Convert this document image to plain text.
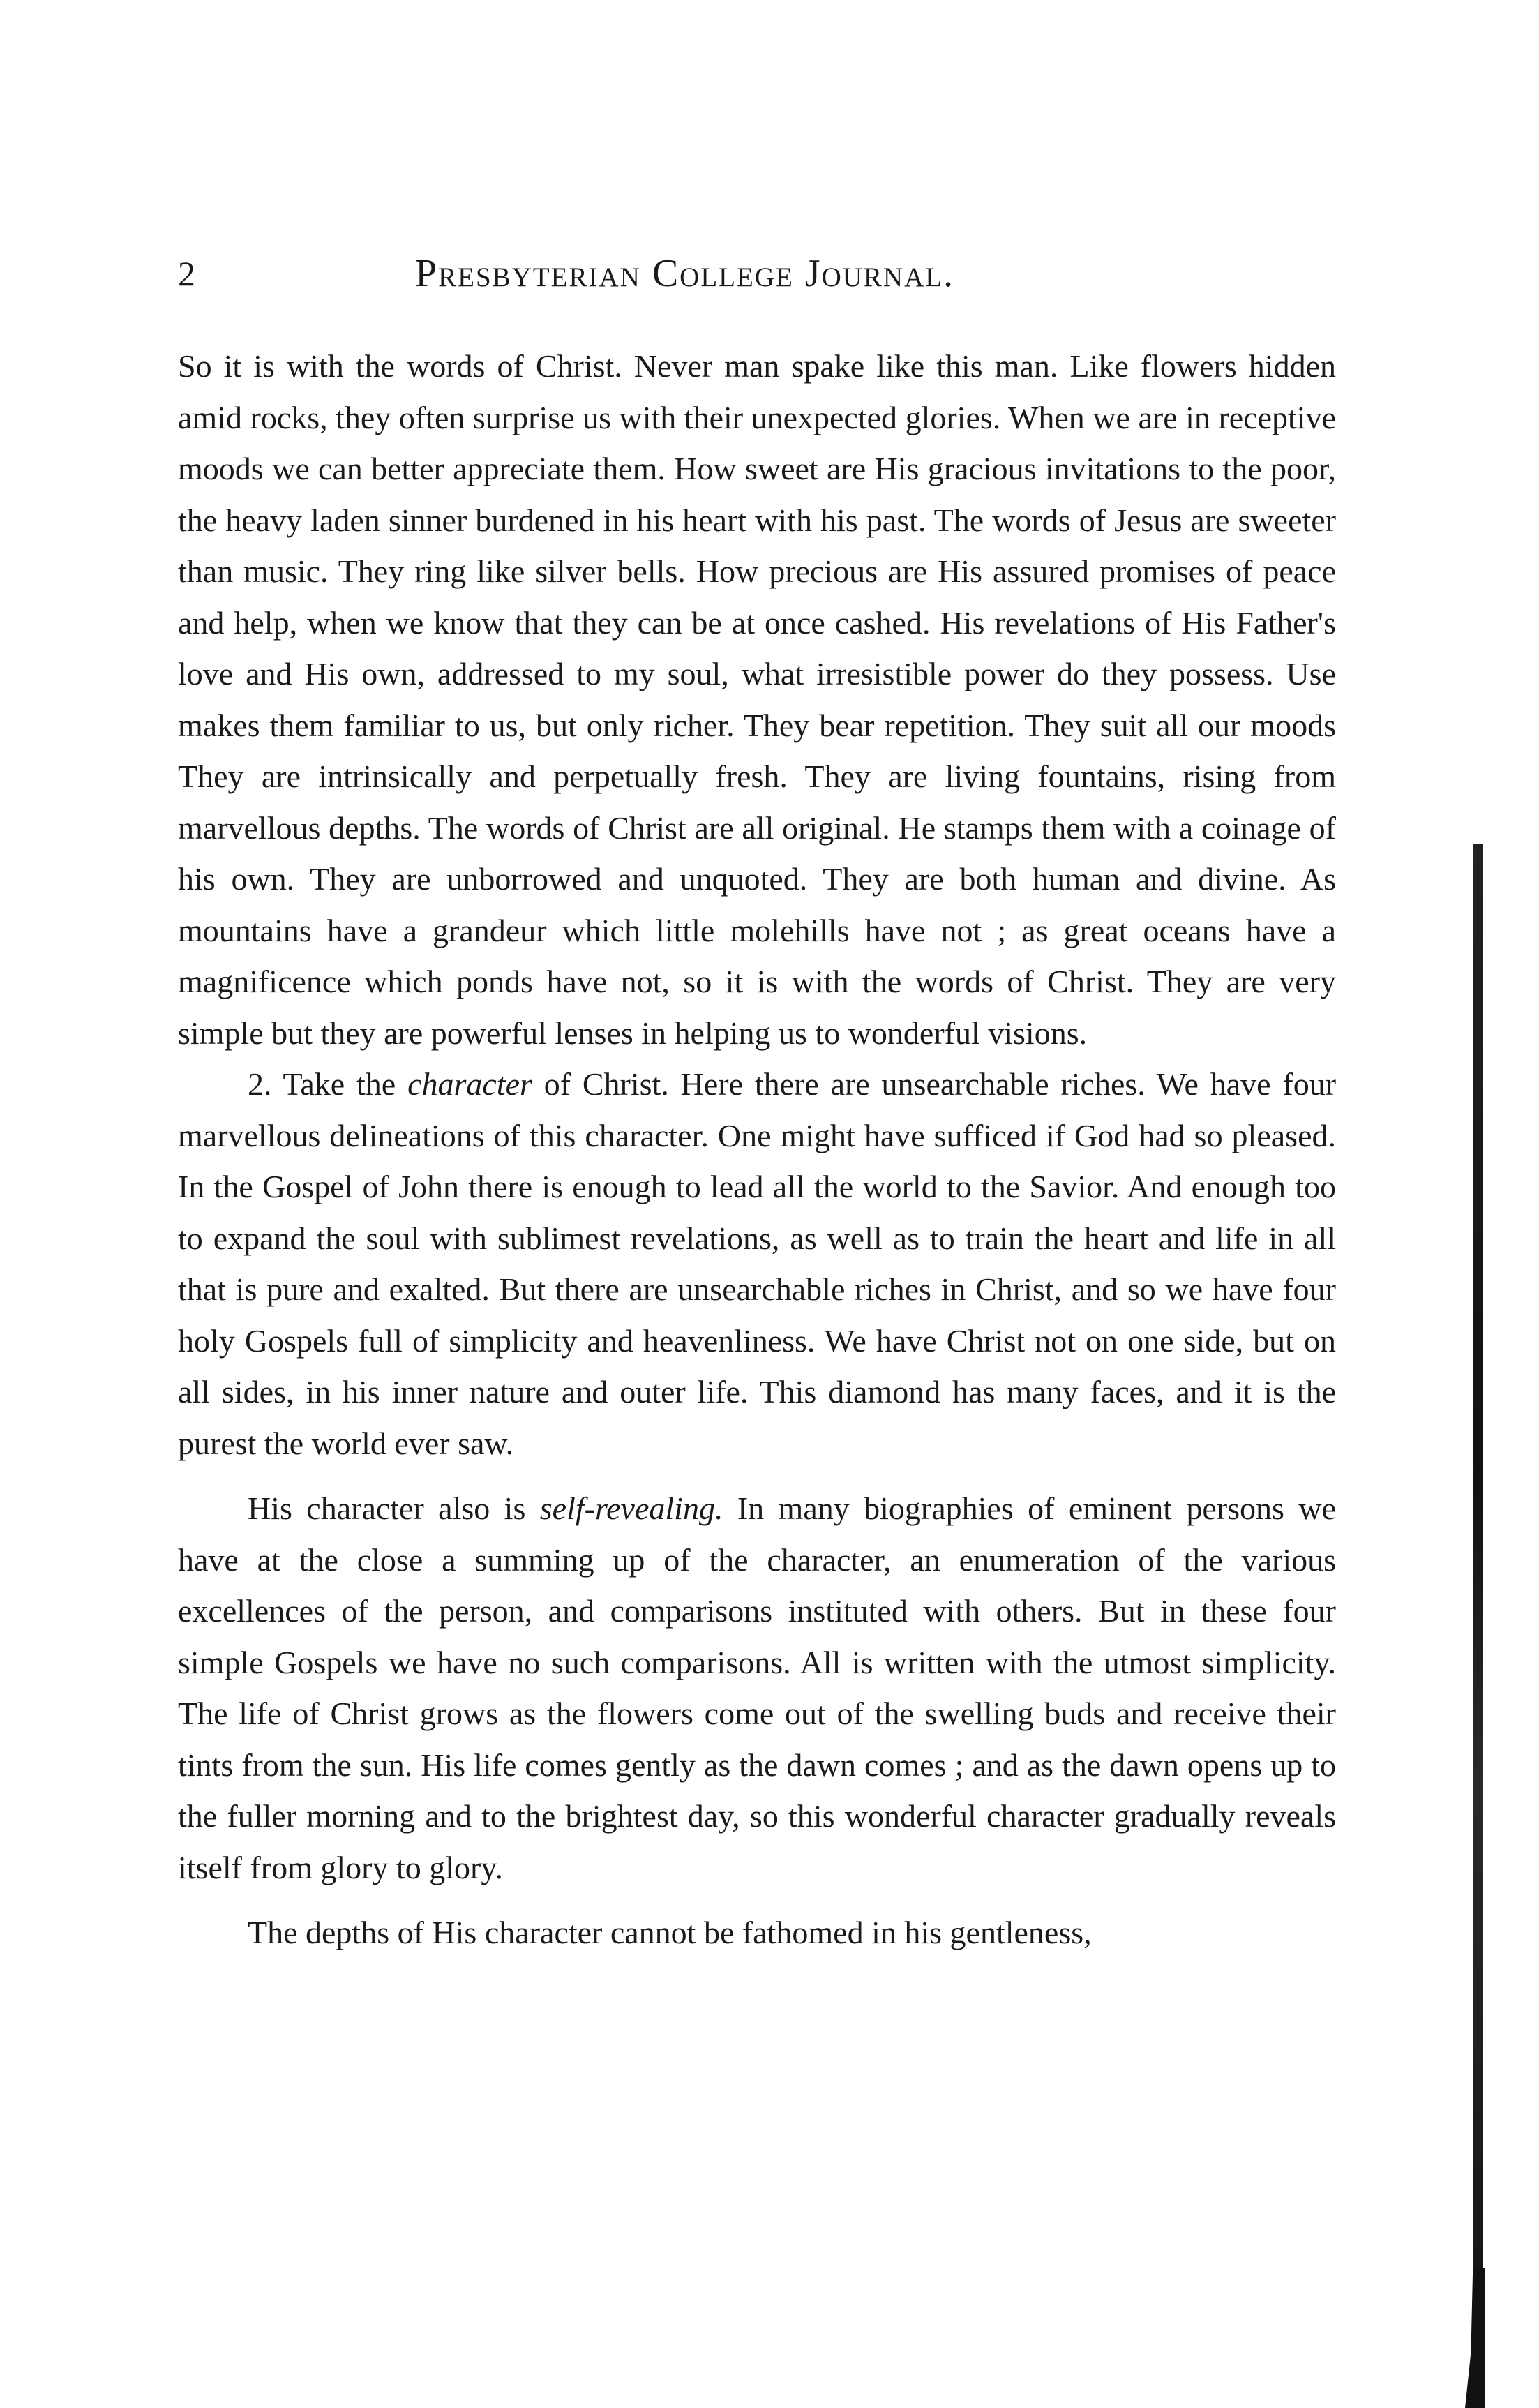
2	Presbyterian College Journal.

So it is with the words of Christ. Never man spake like this man. Like flowers hidden amid rocks, they often surprise us with their unexpected glories. When we are in receptive moods we can better appreciate them. How sweet are His gracious invitations to the poor, the heavy laden sinner burdened in his heart with his past. The words of Jesus are sweeter than music. They ring like silver bells. How precious are His assured promises of peace and help, when we know that they can be at once cashed. His revelations of His Father's love and His own, addressed to my soul, what irresistible power do they possess. Use makes them familiar to us, but only richer. They bear repetition. They suit all our moods They are intrinsically and perpetually fresh. They are living fountains, rising from marvellous depths. The words of Christ are all original. He stamps them with a coinage of his own. They are unborrowed and unquoted. They are both human and divine. As mountains have a grandeur which little molehills have not ; as great oceans have a magnificence which ponds have not, so it is with the words of Christ. They are very simple but they are powerful lenses in helping us to wonderful visions.

2. Take the character of Christ. Here there are unsearchable riches. We have four marvellous delineations of this character. One might have sufficed if God had so pleased. In the Gospel of John there is enough to lead all the world to the Savior. And enough too to expand the soul with sublimest revelations, as well as to train the heart and life in all that is pure and exalted. But there are unsearchable riches in Christ, and so we have four holy Gospels full of simplicity and heavenliness. We have Christ not on one side, but on all sides, in his inner nature and outer life. This diamond has many faces, and it is the purest the world ever saw.

His character also is self-revealing. In many biographies of eminent persons we have at the close a summing up of the character, an enumeration of the various excellences of the person, and comparisons instituted with others. But in these four simple Gospels we have no such comparisons. All is written with the utmost simplicity. The life of Christ grows as the flowers come out of the swelling buds and receive their tints from the sun. His life comes gently as the dawn comes ; and as the dawn opens up to the fuller morning and to the brightest day, so this wonderful character gradually reveals itself from glory to glory.

The depths of His character cannot be fathomed in his gentleness,
